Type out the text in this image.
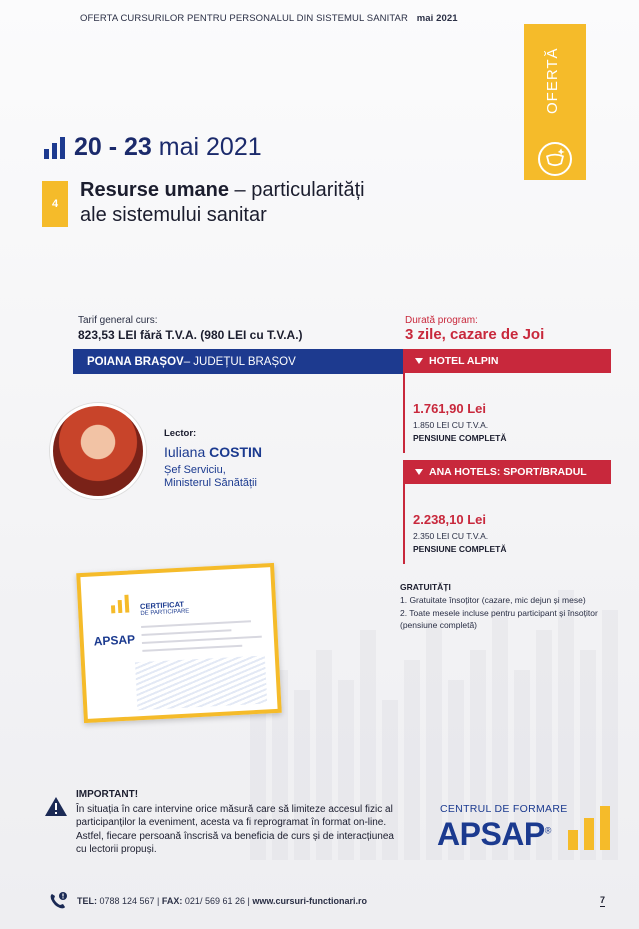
OFERTA CURSURILOR PENTRU PERSONALUL DIN SISTEMUL SANITAR mai 2021
OFERTĂ
20 - 23 mai 2021
4
Resurse umane – particularități
ale sistemului sanitar
Tarif general curs:
823,53 LEI fără T.V.A. (980 LEI cu T.V.A.)
Durată program:
3 zile, cazare de Joi
POIANA BRAȘOV – JUDEȚUL BRAȘOV	HOTEL ALPIN
1.761,90 Lei
1.850 LEI CU T.V.A.
PENSIUNE COMPLETĂ
ANA HOTELS: SPORT/BRADUL
2.238,10 Lei
2.350 LEI CU T.V.A.
PENSIUNE COMPLETĂ
Lector:
Iuliana COSTIN
Șef Serviciu,
Ministerul Sănătății
APSAP
CERTIFICAT
DE PARTICIPARE
GRATUITĂȚI
1. Gratuitate însoțitor (cazare, mic dejun și mese)
2. Toate mesele incluse pentru participant și însoțitor (pensiune completă)
IMPORTANT!
În situația în care intervine orice măsură care să limiteze accesul fizic al participanților la eveniment, acesta va fi reprogramat în format on-line. Astfel, fiecare persoană înscrisă va beneficia de curs și de interacțiunea cu lectorii propuși.
CENTRUL DE FORMARE
APSAP®
TEL: 0788 124 567 | FAX: 021/ 569 61 26 | www.cursuri-functionari.ro	7
